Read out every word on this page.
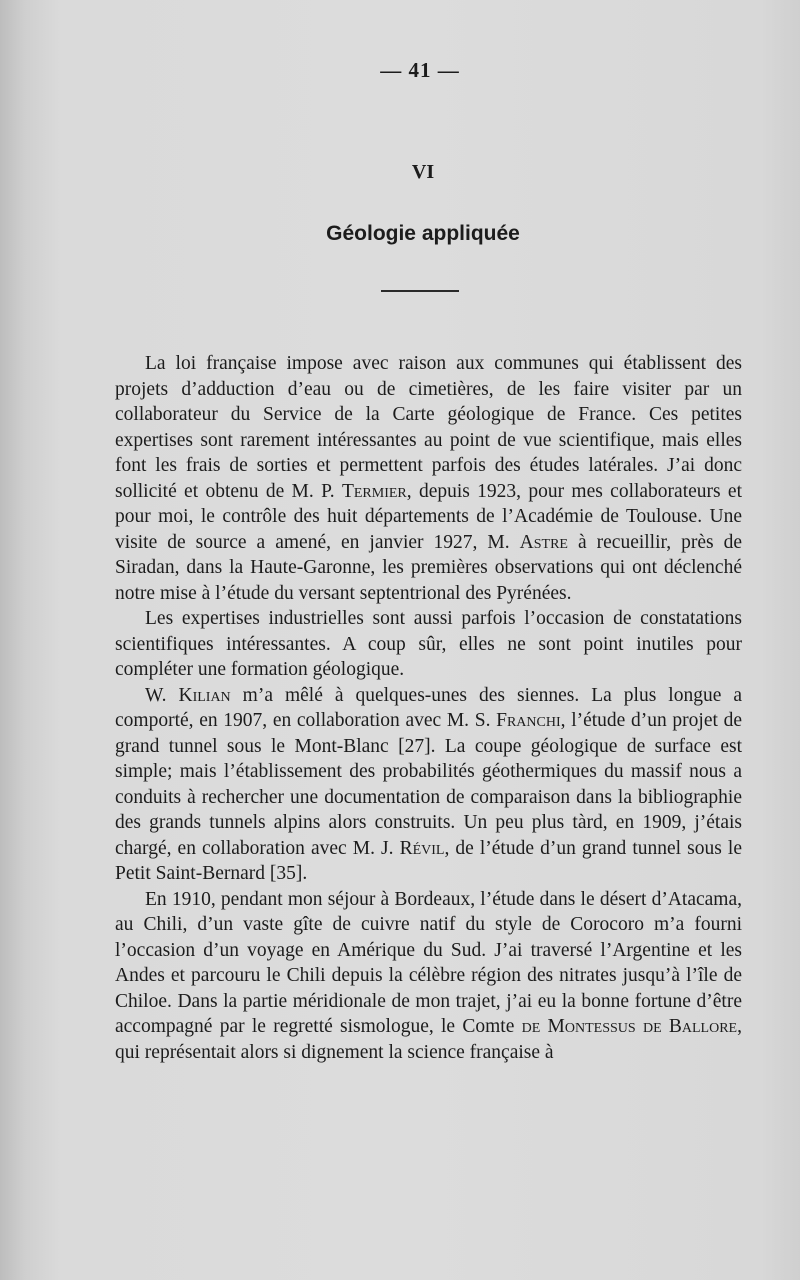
— 41 —
VI
Géologie appliquée

La loi française impose avec raison aux communes qui établissent des projets d’adduction d’eau ou de cimetières, de les faire visiter par un collaborateur du Service de la Carte géologique de France. Ces petites expertises sont rarement intéressantes au point de vue scientifique, mais elles font les frais de sorties et permettent parfois des études latérales. J’ai donc sollicité et obtenu de M. P. Termier, depuis 1923, pour mes collaborateurs et pour moi, le contrôle des huit départements de l’Académie de Toulouse. Une visite de source a amené, en janvier 1927, M. Astre à recueillir, près de Siradan, dans la Haute-Garonne, les premières observations qui ont déclenché notre mise à l’étude du versant septentrional des Pyrénées.

Les expertises industrielles sont aussi parfois l’occasion de constatations scientifiques intéressantes. A coup sûr, elles ne sont point inutiles pour compléter une formation géologique.

W. Kilian m’a mêlé à quelques-unes des siennes. La plus longue a comporté, en 1907, en collaboration avec M. S. Franchi, l’étude d’un projet de grand tunnel sous le Mont-Blanc [27]. La coupe géologique de surface est simple; mais l’établissement des probabilités géothermiques du massif nous a conduits à rechercher une documentation de comparaison dans la bibliographie des grands tunnels alpins alors construits. Un peu plus tàrd, en 1909, j’étais chargé, en collaboration avec M. J. Révil, de l’étude d’un grand tunnel sous le Petit Saint-Bernard [35].

En 1910, pendant mon séjour à Bordeaux, l’étude dans le désert d’Atacama, au Chili, d’un vaste gîte de cuivre natif du style de Corocoro m’a fourni l’occasion d’un voyage en Amérique du Sud. J’ai traversé l’Argentine et les Andes et parcouru le Chili depuis la célèbre région des nitrates jusqu’à l’île de Chiloe. Dans la partie méridionale de mon trajet, j’ai eu la bonne fortune d’être accompagné par le regretté sismologue, le Comte de Montessus de Ballore, qui représentait alors si dignement la science française à
